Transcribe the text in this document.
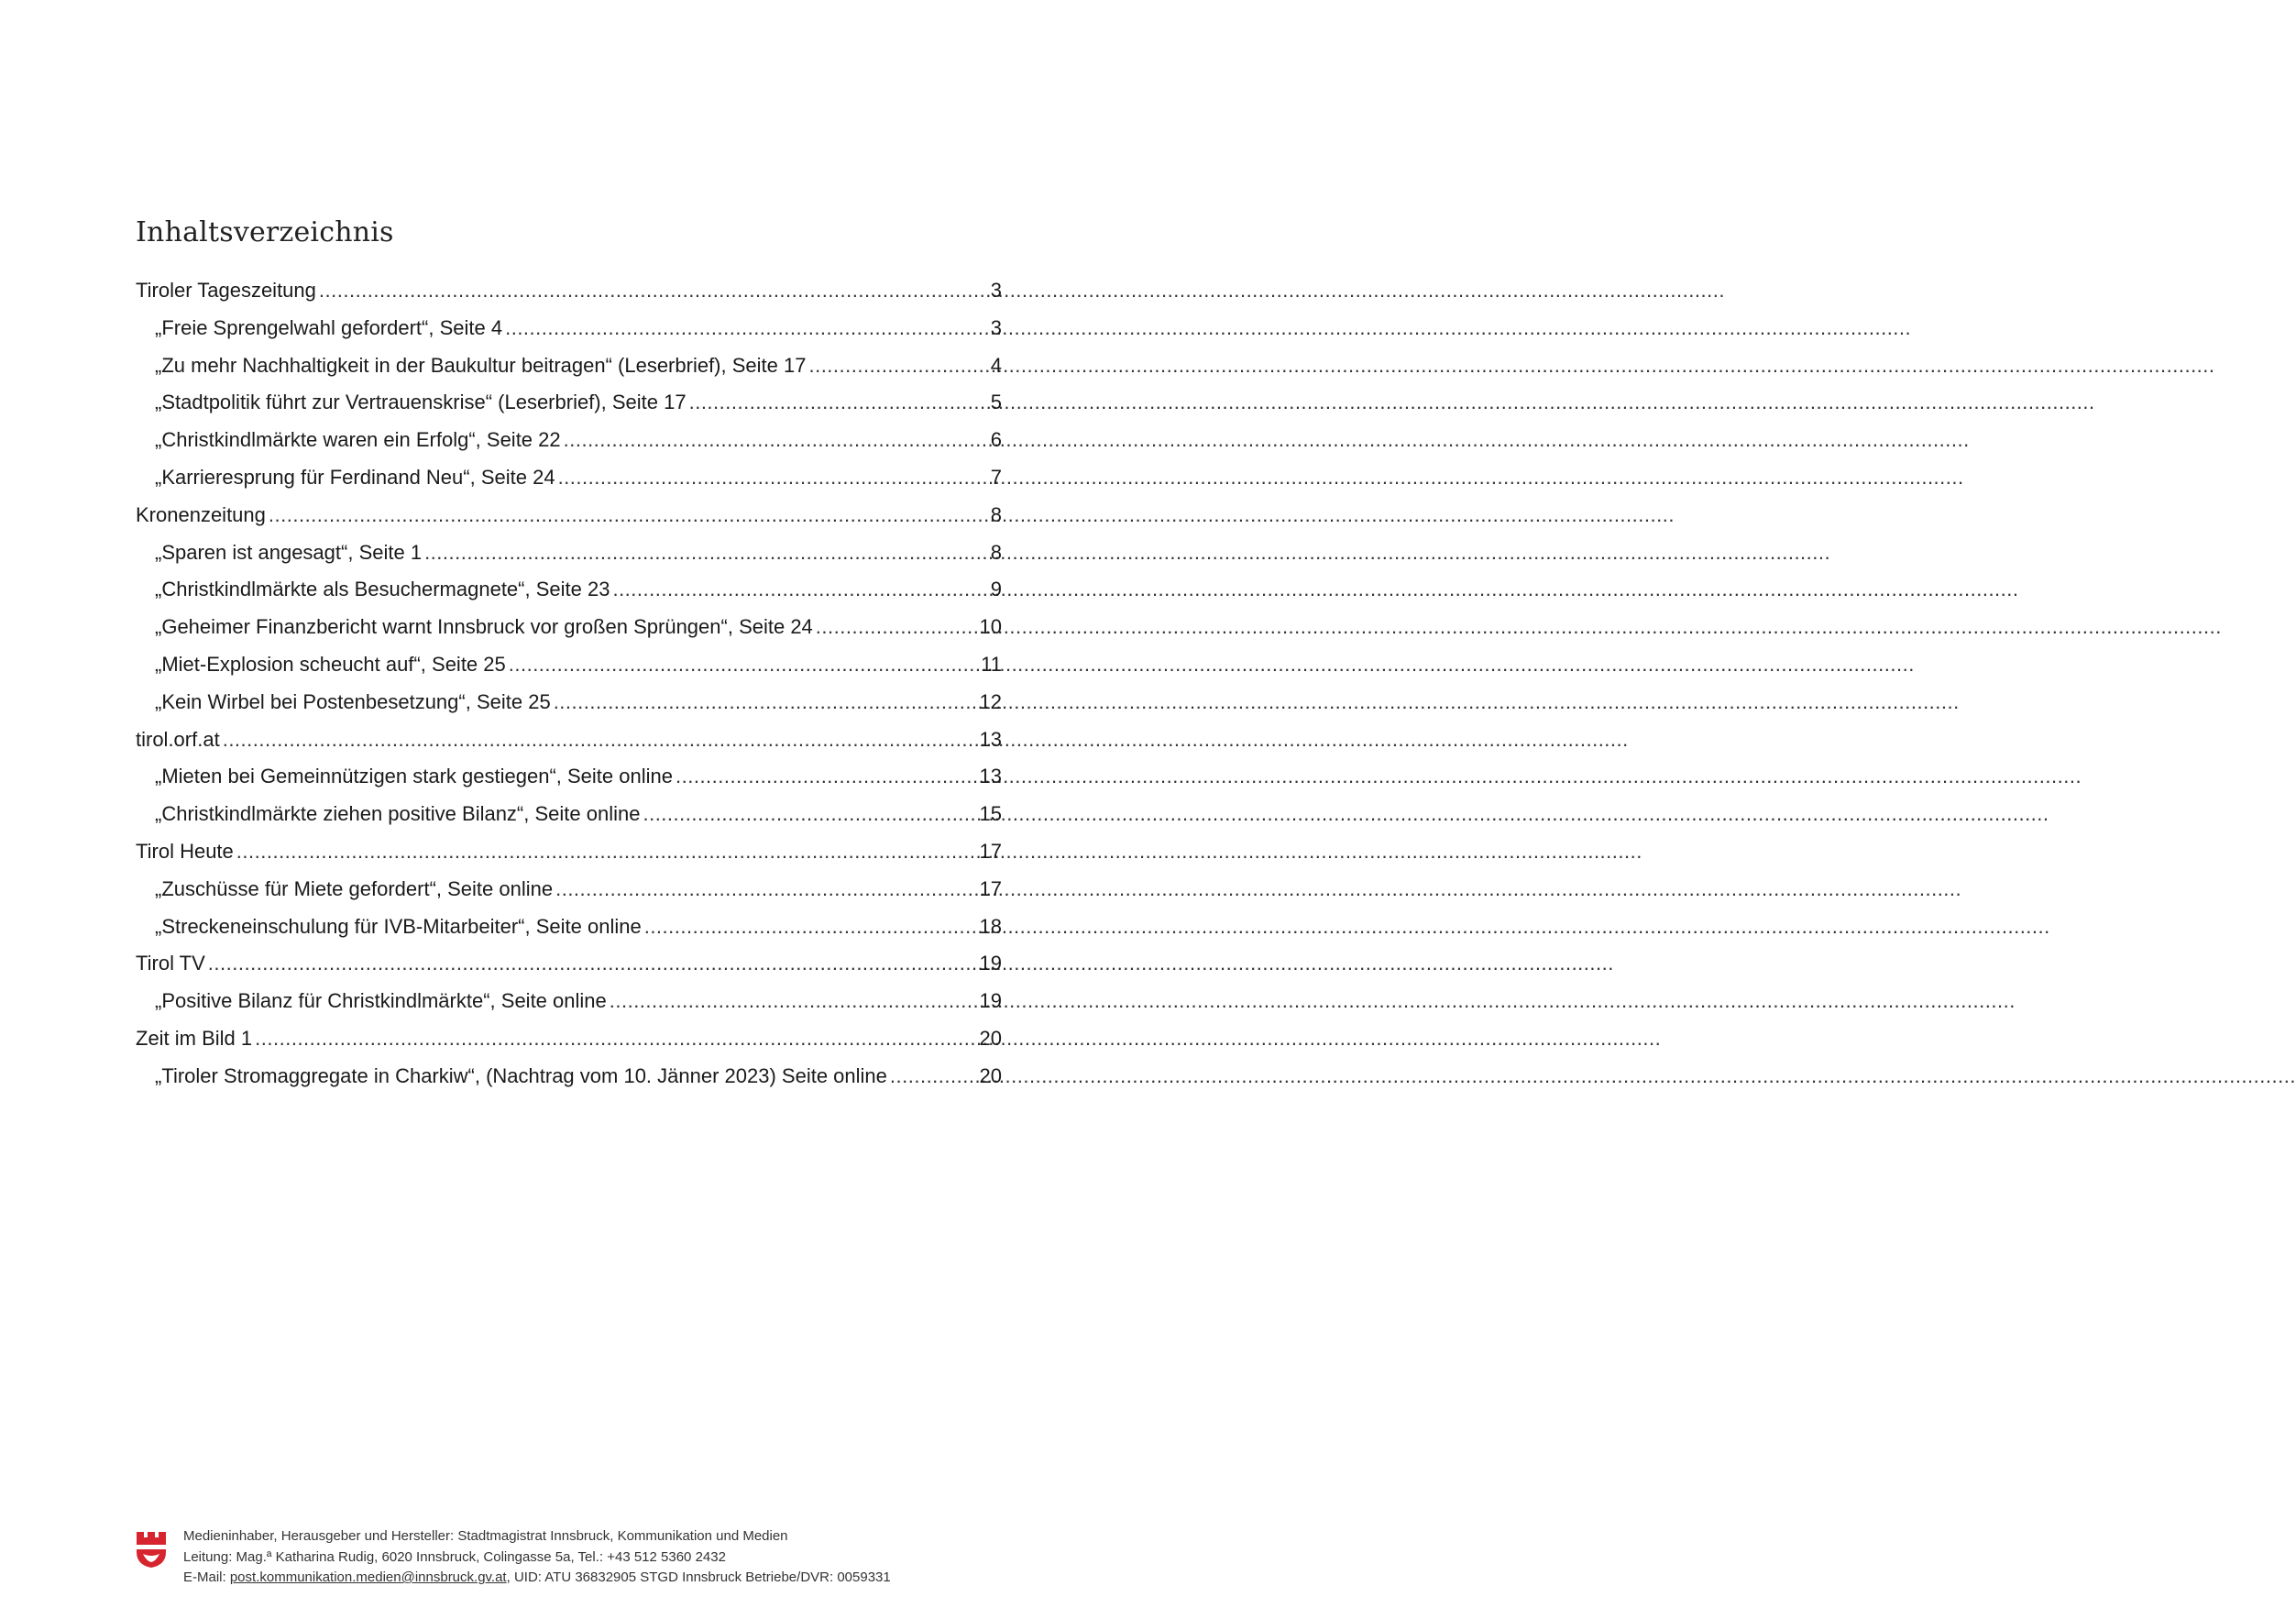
Inhaltsverzeichnis
Tiroler Tageszeitung .....	3
„Freie Sprengelwahl gefordert“, Seite 4 .....	3
„Zu mehr Nachhaltigkeit in der Baukultur beitragen“ (Leserbrief), Seite 17 .....	4
„Stadtpolitik führt zur Vertrauenskrise“ (Leserbrief), Seite 17 .....	5
„Christkindlmärkte waren ein Erfolg“, Seite 22 .....	6
„Karrieresprung für Ferdinand Neu“, Seite 24 .....	7
Kronenzeitung .....	8
„Sparen ist angesagt“, Seite 1 .....	8
„Christkindlmärkte als Besuchermagnete“, Seite 23 .....	9
„Geheimer Finanzbericht warnt Innsbruck vor großen Sprüngen“, Seite 24 .....	10
„Miet-Explosion scheucht auf“, Seite 25 .....	11
„Kein Wirbel bei Postenbesetzung“, Seite 25 .....	12
tirol.orf.at .....	13
„Mieten bei Gemeinnützigen stark gestiegen“, Seite online .....	13
„Christkindlmärkte ziehen positive Bilanz“, Seite online .....	15
Tirol Heute .....	17
„Zuschüsse für Miete gefordert“, Seite online .....	17
„Streckeneinschulung für IVB-Mitarbeiter“, Seite online .....	18
Tirol TV .....	19
„Positive Bilanz für Christkindlmärkte“, Seite online .....	19
Zeit im Bild 1 .....	20
„Tiroler Stromaggregate in Charkiw“, (Nachtrag vom 10. Jänner 2023) Seite online .....	20
Medieninhaber, Herausgeber und Hersteller: Stadtmagistrat Innsbruck, Kommunikation und Medien
Leitung: Mag.ª Katharina Rudig, 6020 Innsbruck, Colingasse 5a, Tel.: +43 512 5360 2432
E-Mail: post.kommunikation.medien@innsbruck.gv.at, UID: ATU 36832905 STGD Innsbruck Betriebe/DVR: 0059331
